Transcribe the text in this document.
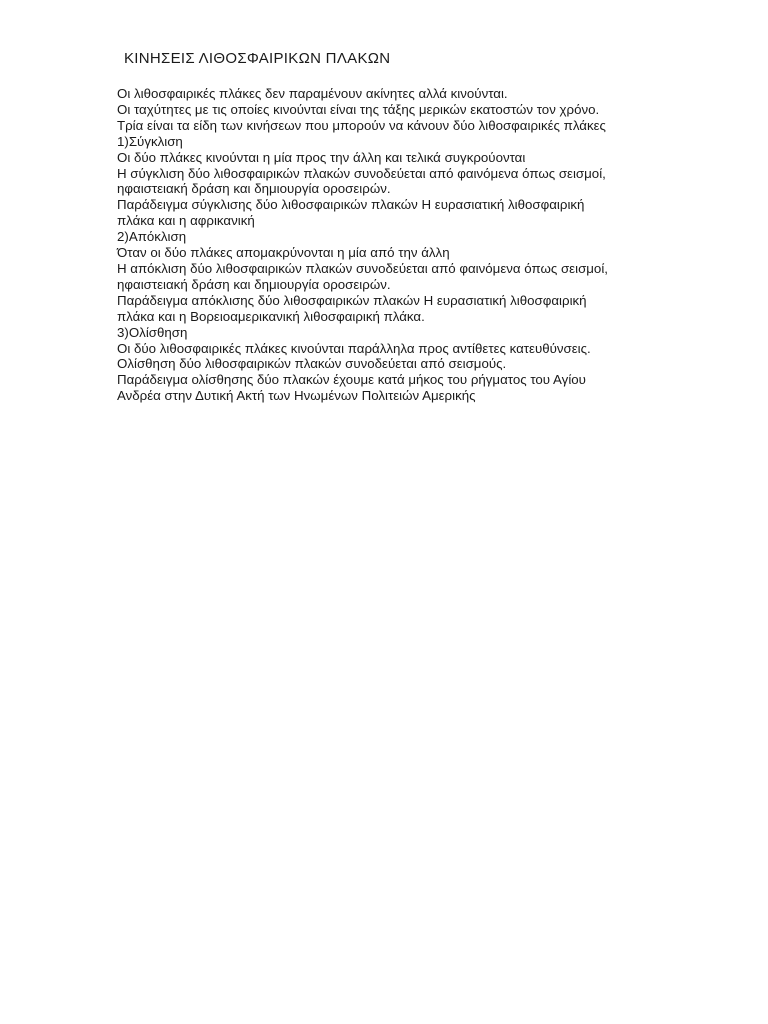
ΚΙΝΗΣΕΙΣ ΛΙΘΟΣΦΑΙΡΙΚΩΝ ΠΛΑΚΩΝ
Οι λιθοσφαιρικές πλάκες δεν παραμένουν ακίνητες αλλά κινούνται.
Οι ταχύτητες με τις οποίες κινούνται είναι της τάξης μερικών εκατοστών τον χρόνο.
Τρία είναι τα είδη των κινήσεων που μπορούν να κάνουν δύο λιθοσφαιρικές πλάκες
1)Σύγκλιση
Οι δύο πλάκες κινούνται η μία προς την άλλη και τελικά συγκρούονται
Η σύγκλιση δύο λιθοσφαιρικών πλακών συνοδεύεται από φαινόμενα όπως σεισμοί,
ηφαιστειακή δράση και δημιουργία οροσειρών.
Παράδειγμα σύγκλισης δύο λιθοσφαιρικών πλακών Η ευρασιατική λιθοσφαιρική
πλάκα και η αφρικανική
2)Απόκλιση
Όταν οι δύο πλάκες απομακρύνονται η μία από την άλλη
Η απόκλιση δύο λιθοσφαιρικών πλακών συνοδεύεται από φαινόμενα όπως σεισμοί,
ηφαιστειακή δράση και δημιουργία οροσειρών.
Παράδειγμα απόκλισης δύο λιθοσφαιρικών πλακών Η ευρασιατική λιθοσφαιρική
πλάκα και η Βορειοαμερικανική λιθοσφαιρική πλάκα.
3)Ολίσθηση
Οι δύο λιθοσφαιρικές πλάκες κινούνται παράλληλα προς αντίθετες κατευθύνσεις.
Ολίσθηση δύο λιθοσφαιρικών πλακών συνοδεύεται από σεισμούς.
Παράδειγμα ολίσθησης δύο πλακών έχουμε κατά μήκος του ρήγματος του Αγίου
Ανδρέα στην Δυτική Ακτή των Ηνωμένων Πολιτειών Αμερικής
